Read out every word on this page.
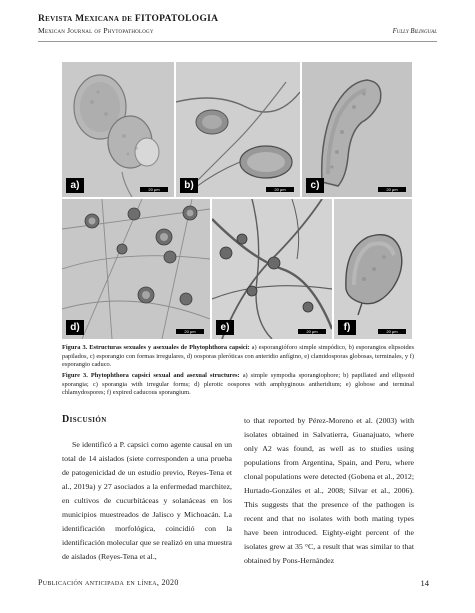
Revista Mexicana de FITOPATOLOGIA
Mexican Journal of Phytopathology	Fully Bilingual
a)	20 μm	b)	20 μm	c)	20 μm
d)	20 μm	e)	20 μm	f)	20 μm
Figura 3. Estructuras sexuales y asexuales de Phytophthora capsici: a) esporangióforo simple simpódico, b) esporangios elipsoides papilados, c) esporangio con formas irregulares, d) oosporas pleróticas con anteridio anfígino, e) clamidosporas globosas, terminales, y f) esporangio caduco.
Figure 3. Phytophthora capsici sexual and asexual structures: a) simple sympodia sporangiophore; b) papillated and ellipsoid sporangia; c) sporangia with irregular forms; d) plerotic oospores with amphyginous antheridium; e) globose and terminal chlamydospores; f) expired caducous sporangium.
Discusión
Se identificó a P. capsici como agente causal en un total de 14 aislados (siete corresponden a una prueba de patogenicidad de un estudio previo, Reyes-Tena et al., 2019a) y 27 asociados a la enfermedad marchitez, en cultivos de cucurbitáceas y solanáceas en los municipios muestreados de Jalisco y Michoacán. La identificación morfológica, coincidió con la identificación molecular que se realizó en una muestra de aislados (Reyes-Tena et al.,
to that reported by Pérez-Moreno et al. (2003) with isolates obtained in Salvatierra, Guanajuato, where only A2 was found, as well as to studies using populations from Argentina, Spain, and Peru, where clonal populations were detected (Gobena et al., 2012; Hurtado-Gonzáles et al., 2008; Silvar et al., 2006). This suggests that the presence of the pathogen is recent and that no isolates with both mating types have been introduced. Eighty-eight percent of the isolates grew at 35 °C, a result that was similar to that obtained by Pons-Hernández
Publicación anticipada en línea, 2020	14
